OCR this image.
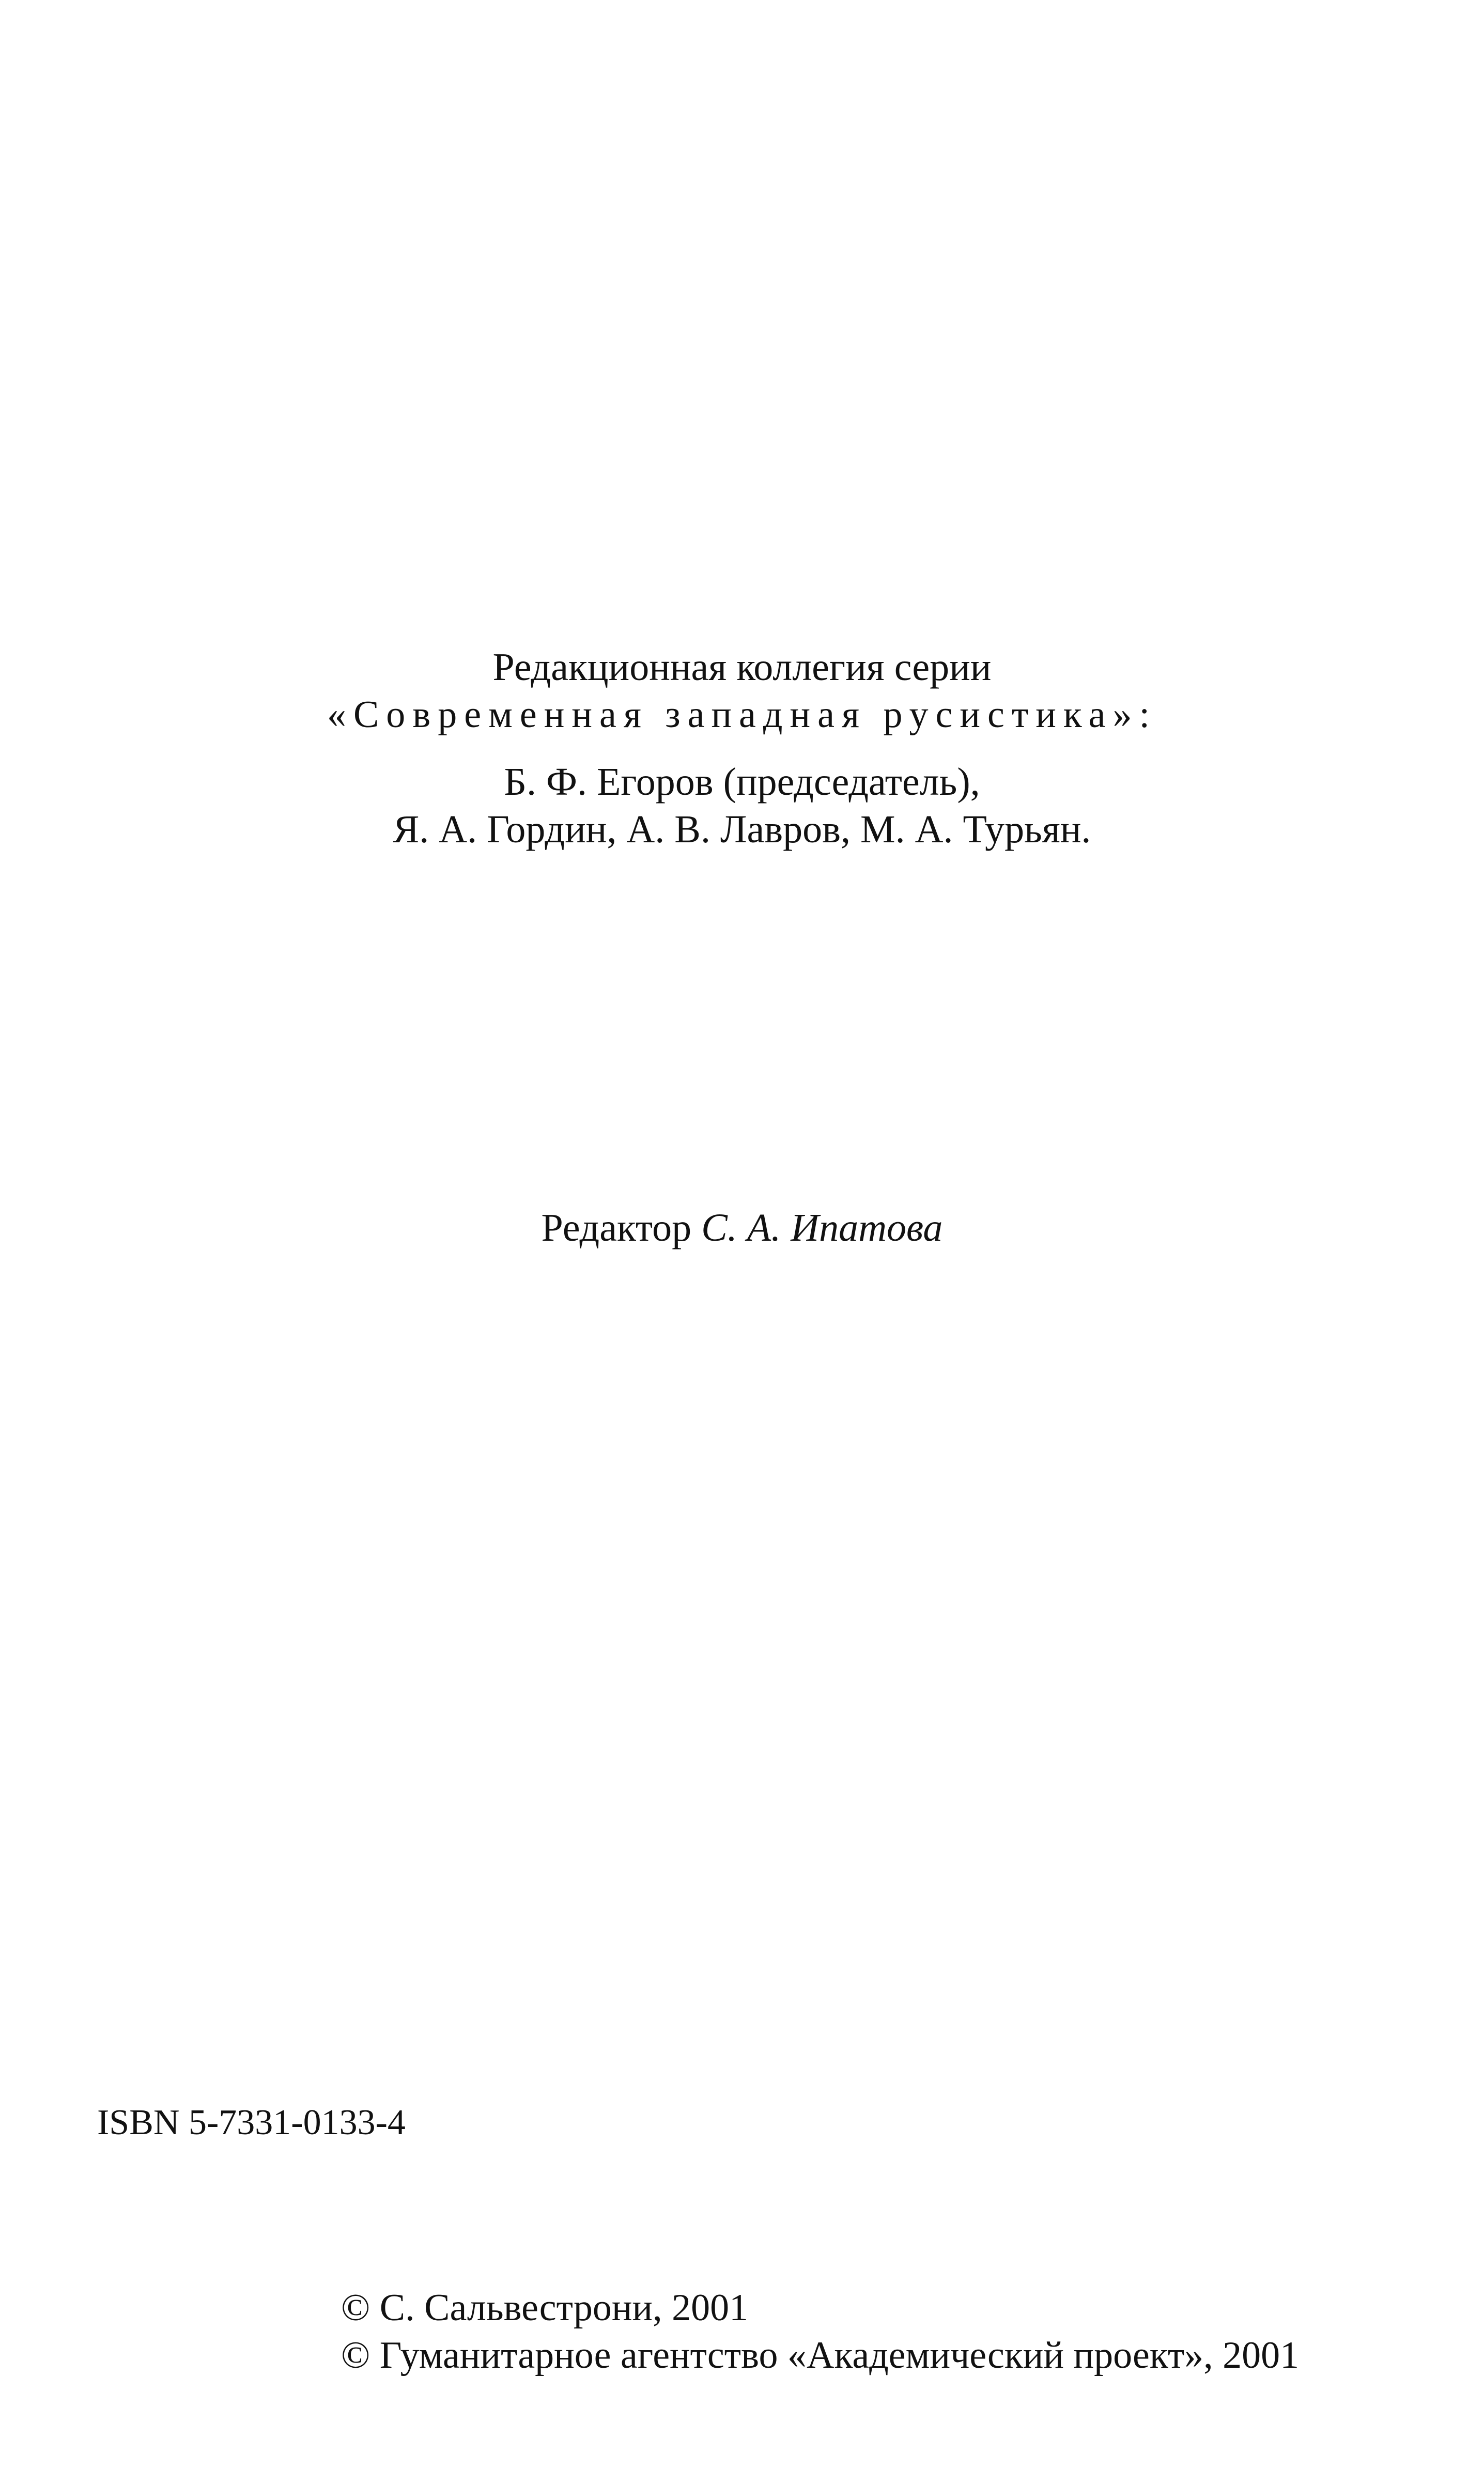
Редакционная коллегия серии
«Современная западная русистика»:
Б. Ф. Егоров (председатель),
Я. А. Гордин, А. В. Лавров, М. А. Турьян.
Редактор С. А. Ипатова
ISBN 5-7331-0133-4
© С. Сальвестрони, 2001
© Гуманитарное агентство «Академический проект», 2001
